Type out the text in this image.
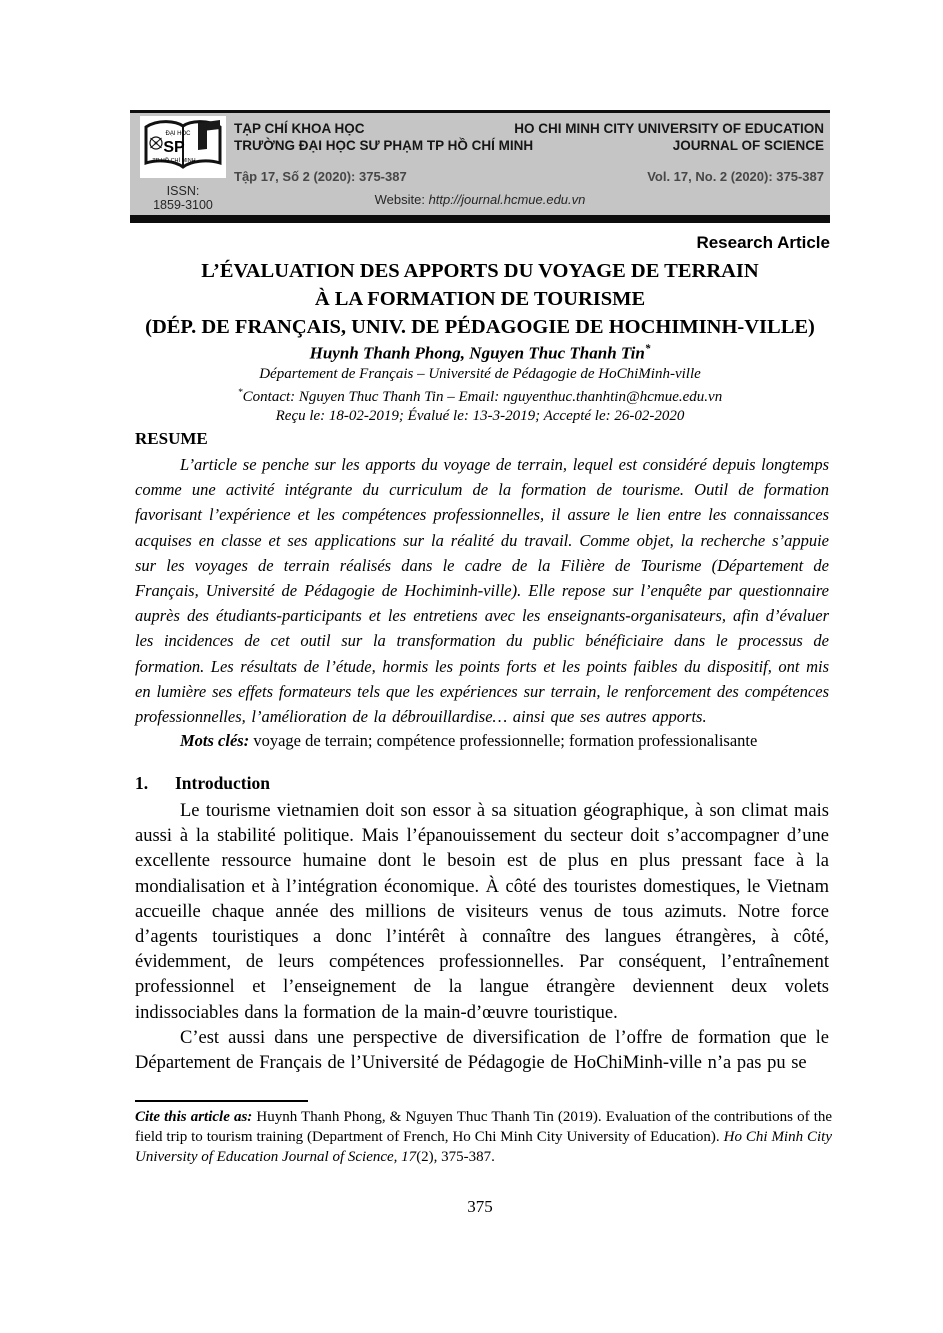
ĐẠI HỌC
SP
TP HỒ CHÍ MINH
TẠP CHÍ KHOA HỌC
TRƯỜNG ĐẠI HỌC SƯ PHẠM TP HỒ CHÍ MINH
HO CHI MINH CITY UNIVERSITY OF EDUCATION
JOURNAL OF SCIENCE
Tập 17, Số 2 (2020): 375-387	Vol. 17, No. 2 (2020): 375-387
ISSN:
1859-3100	Website: http://journal.hcmue.edu.vn
Research Article
L’ÉVALUATION DES APPORTS DU VOYAGE DE TERRAIN
À LA FORMATION DE TOURISME
(DÉP. DE FRANÇAIS, UNIV. DE PÉDAGOGIE DE HOCHIMINH-VILLE)
Huynh Thanh Phong, Nguyen Thuc Thanh Tin*
Département de Français – Université de Pédagogie de HoChiMinh-ville
*Contact: Nguyen Thuc Thanh Tin – Email: nguyenthuc.thanhtin@hcmue.edu.vn
Reçu le: 18-02-2019; Évalué le: 13-3-2019; Accepté le: 26-02-2020
RESUME

L’article se penche sur les apports du voyage de terrain, lequel est considéré depuis longtemps comme une activité intégrante du curriculum de la formation de tourisme. Outil de formation favorisant l’expérience et les compétences professionnelles, il assure le lien entre les connaissances acquises en classe et ses applications sur la réalité du travail. Comme objet, la recherche s’appuie sur les voyages de terrain réalisés dans le cadre de la Filière de Tourisme (Département de Français, Université de Pédagogie de Hochiminh-ville). Elle repose sur l’enquête par questionnaire auprès des étudiants-participants et les entretiens avec les enseignants-organisateurs, afin d’évaluer les incidences de cet outil sur la transformation du public bénéficiaire dans le processus de formation. Les résultats de l’étude, hormis les points forts et les points faibles du dispositif, ont mis en lumière ses effets formateurs tels que les expériences sur terrain, le renforcement des compétences professionnelles, l’amélioration de la débrouillardise… ainsi que ses autres apports.

Mots clés: voyage de terrain; compétence professionnelle; formation professionalisante

1. Introduction

Le tourisme vietnamien doit son essor à sa situation géographique, à son climat mais aussi à la stabilité politique. Mais l’épanouissement du secteur doit s’accompagner d’une excellente ressource humaine dont le besoin est de plus en plus pressant face à la mondialisation et à l’intégration économique. À côté des touristes domestiques, le Vietnam accueille chaque année des millions de visiteurs venus de tous azimuts. Notre force d’agents touristiques a donc l’intérêt à connaître des langues étrangères, à côté, évidemment, de leurs compétences professionnelles. Par conséquent, l’entraînement professionnel et l’enseignement de la langue étrangère deviennent deux volets indissociables dans la formation de la main-d’œuvre touristique.

C’est aussi dans une perspective de diversification de l’offre de formation que le Département de Français de l’Université de Pédagogie de HoChiMinh-ville n’a pas pu se

Cite this article as: Huynh Thanh Phong, & Nguyen Thuc Thanh Tin (2019). Evaluation of the contributions of the field trip to tourism training (Department of French, Ho Chi Minh City University of Education). Ho Chi Minh City University of Education Journal of Science, 17(2), 375-387.
375
